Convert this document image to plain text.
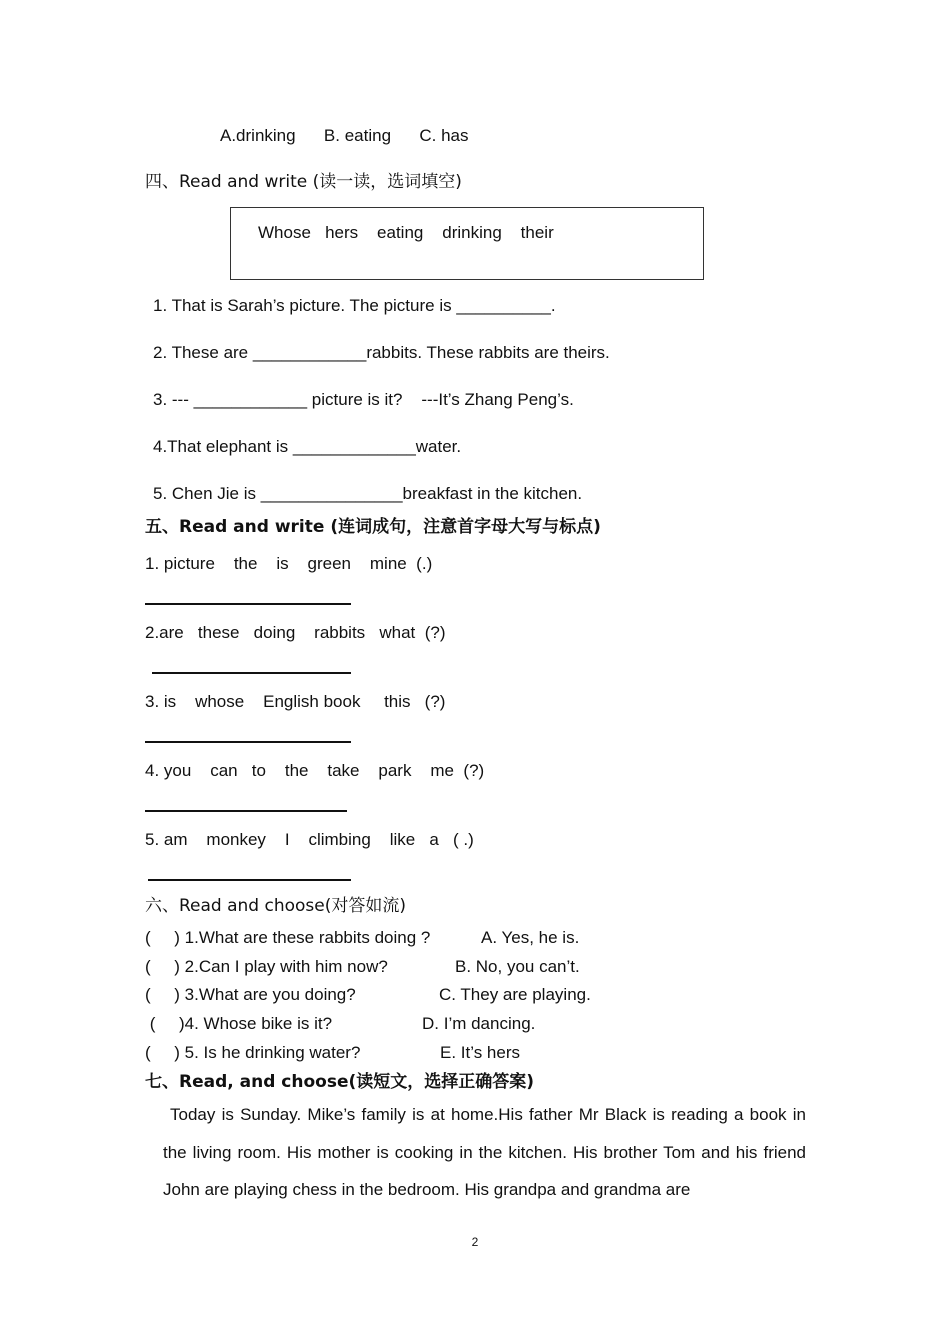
A.drinking      B. eating      C. has
四、Read and write (读一读，选词填空)
Whose   hers    eating    drinking    their
1. That is Sarah’s picture. The picture is __________.
2. These are ____________rabbits. These rabbits are theirs.
3. --- ____________ picture is it?    ---It’s Zhang Peng’s.
4.That elephant is _____________water.
5. Chen Jie is _______________breakfast in the kitchen.
五、Read and write (连词成句，注意首字母大写与标点)
1. picture    the    is    green    mine  (.)
2.are   these   doing    rabbits   what  (?)
3. is    whose    English book     this   (?)
4. you    can   to    the    take    park    me  (?)
5. am    monkey    I    climbing    like   a   ( .)
六、Read and choose(对答如流)
(     ) 1.What are these rabbits doing ?
(     ) 2.Can I play with him now?
(     ) 3.What are you doing?
(     )4. Whose bike is it?
(     ) 5. Is he drinking water?
A. Yes, he is.
B. No, you can’t.
C. They are playing.
D. I’m dancing.
E. It’s hers
七、Read, and choose(读短文，选择正确答案)
Today is Sunday. Mike’s family is at home.His father Mr Black is reading a book in the living room. His mother is cooking in the kitchen. His brother Tom and his friend John are playing chess in the bedroom. His grandpa and grandma are
2
